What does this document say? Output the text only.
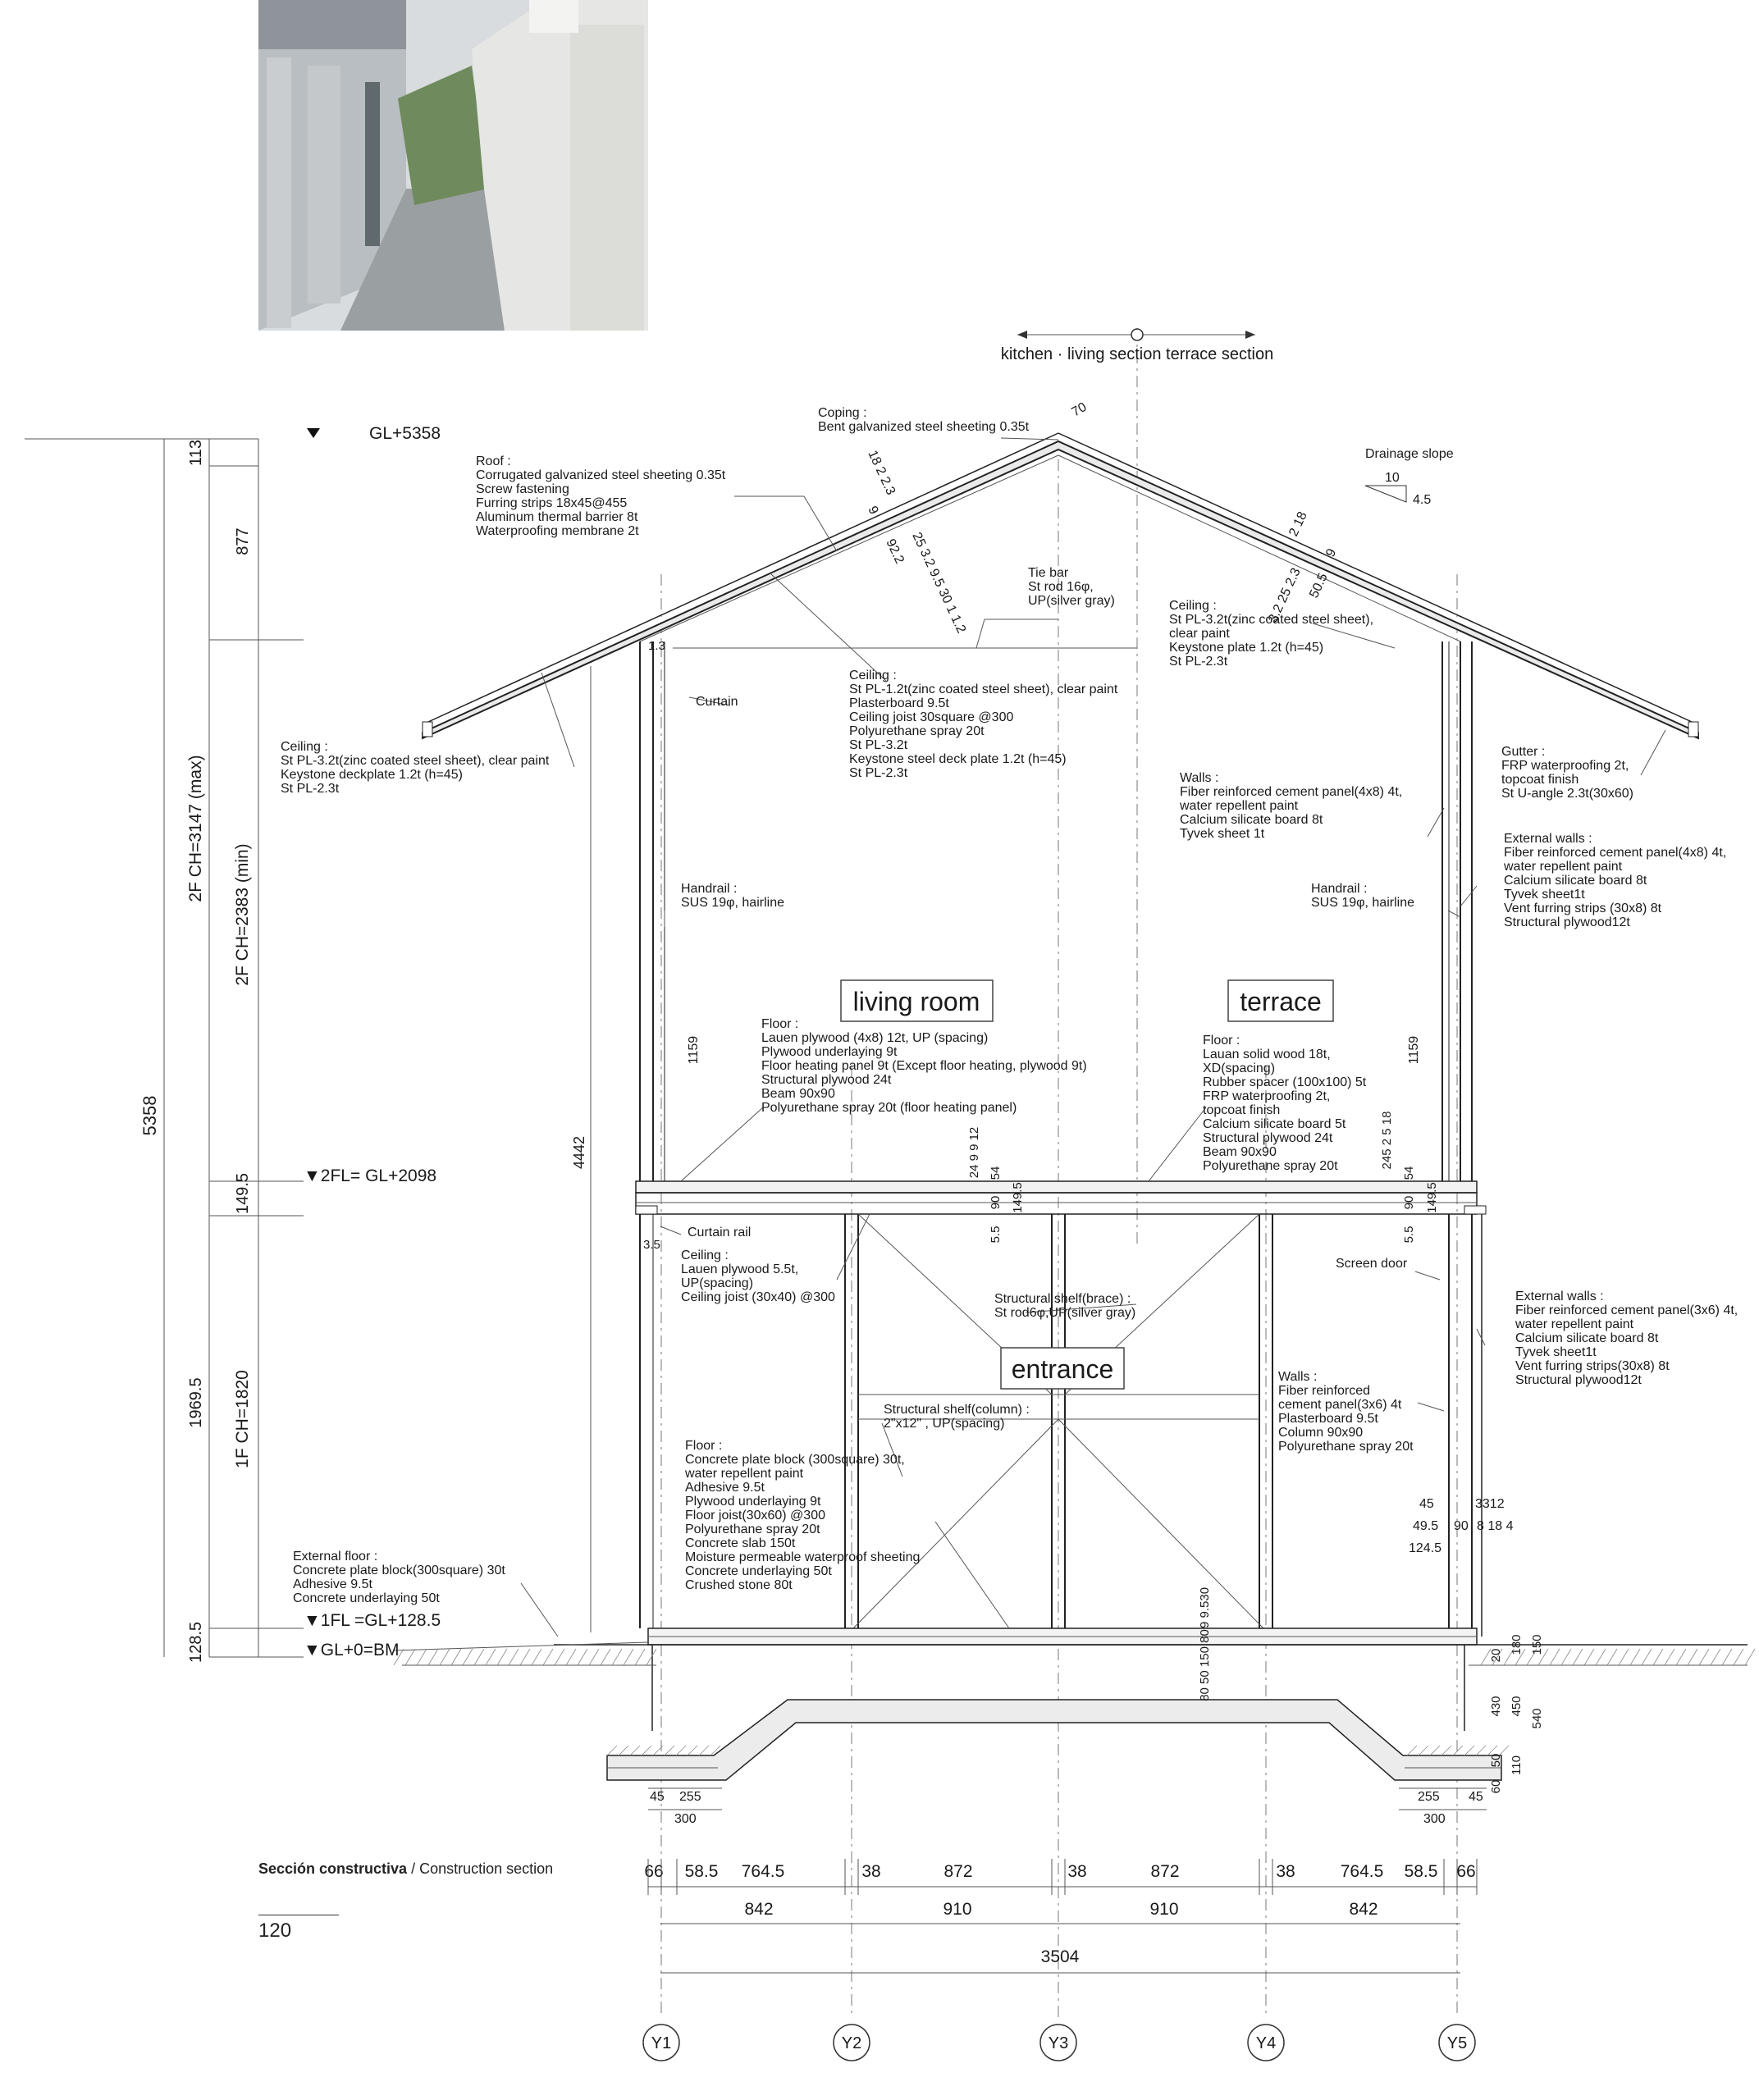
kitchen · living section terrace section
GL+5358
▼2FL= GL+2098
▼1FL =GL+128.5
▼GL+0=BM
113
877
149.5
1969.5
128.5
5358
2F CH=3147 (max)
2F CH=2383 (min)
1F CH=1820
4442
living room	terrace
entrance
Coping :
Bent galvanized steel sheeting 0.35t
Roof :
Corrugated galvanized steel sheeting 0.35t
Screw fastening
Furring strips 18x45@455
Aluminum thermal barrier 8t
Waterproofing membrane 2t
Drainage slope
10
4.5
Tie bar
St rod 16φ,
UP(silver gray)	Ceiling :
St PL-3.2t(zinc coated steel sheet),
clear paint
Keystone plate 1.2t (h=45)
St PL-2.3t
Curtain
Ceiling :
St PL-1.2t(zinc coated steel sheet), clear paint
Plasterboard 9.5t
Ceiling joist 30square @300
Polyurethane spray 20t
St PL-3.2t
Keystone steel deck plate 1.2t (h=45)
St PL-2.3t
Ceiling :
St PL-3.2t(zinc coated steel sheet), clear paint
Keystone deckplate 1.2t (h=45)
St PL-2.3t
Gutter :
FRP waterproofing 2t,
topcoat finish
St U-angle 2.3t(30x60)
Walls :
Fiber reinforced cement panel(4x8) 4t,
water repellent paint
Calcium silicate board 8t
Tyvek sheet 1t	External walls :
Fiber reinforced cement panel(4x8) 4t,
water repellent paint
Calcium silicate board 8t
Tyvek sheet1t
Vent furring strips (30x8) 8t
Structural plywood12t
Handrail :
SUS 19φ, hairline
Handrail :
SUS 19φ, hairline
Floor :
Lauen plywood (4x8) 12t, UP (spacing)
Plywood underlaying 9t
Floor heating panel 9t (Except floor heating, plywood 9t)
Structural plywood 24t
Beam 90x90
Polyurethane spray 20t (floor heating panel)
Floor :
Lauan solid wood 18t,
XD(spacing)
Rubber spacer (100x100) 5t
FRP waterproofing 2t,
topcoat finish
Calcium silicate board 5t
Structural plywood 24t
Beam 90x90
Polyurethane spray 20t
Curtain rail
Ceiling :
Lauen plywood 5.5t,
UP(spacing)
Ceiling joist (30x40) @300
Screen door
Structural shelf(brace) :
St rod6φ,UP(silver gray)
External walls :
Fiber reinforced cement panel(3x6) 4t,
water repellent paint
Calcium silicate board 8t
Tyvek sheet1t
Vent furring strips(30x8) 8t
Structural plywood12t
Walls :
Fiber reinforced
cement panel(3x6) 4t
Plasterboard 9.5t
Column 90x90
Polyurethane spray 20t
Structural shelf(column) :
2"x12" , UP(spacing)
Floor :
Concrete plate block (300square) 30t,
water repellent paint
Adhesive 9.5t
Plywood underlaying 9t
Floor joist(30x60) @300
Polyurethane spray 20t
Concrete slab 150t
Moisture permeable waterproof sheeting
Concrete underlaying 50t
Crushed stone 80t
External floor :
Concrete plate block(300square) 30t
Adhesive 9.5t
Concrete underlaying 50t
70
18 2 2.3
9
92.2 25 3.2 9.5 30 1 1.2
2 18
9
50.5
3.2 25 2.3
1159	1159
24 9 9 12 54
90 149.5
5.5
245 2 5 18
54
90 149.5
5.5
3.5
1.3
45	3312
49.5 90 8 18 4
124.5
80 50 150 80
9 9.530
180 150
20
430 450
540
50 110
60
45 255
300
255 45
300
66 58.5 764.5	38	872	38	872	38	764.5 58.5 66
842	910	910	842
3504
Y1	Y2	Y3	Y4	Y5
Sección constructiva / Construction section
120
